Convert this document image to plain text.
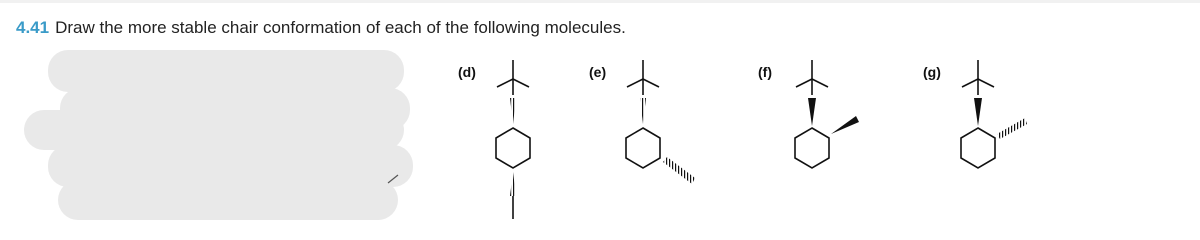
4.41 Draw the more stable chair conformation of each of the following molecules.
(d)	(e)	(f)	(g)
